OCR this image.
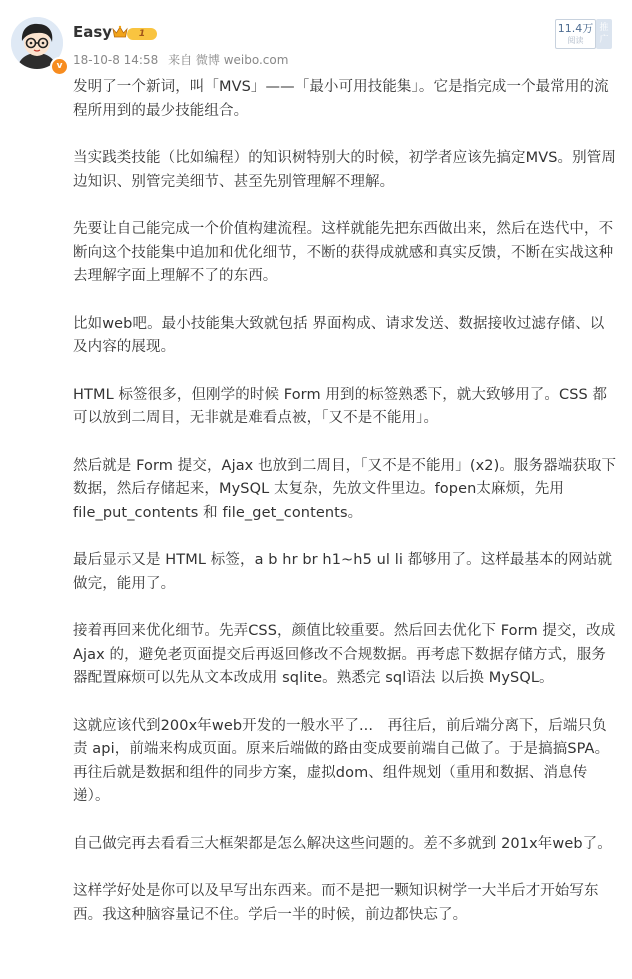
v
Easy	1
18-10-8 14:58 来自 微博 weibo.com
11.4万
阅读
推广

发明了一个新词，叫「MVS」——「最小可用技能集」。它是指完成一个最常用的流程所用到的最少技能组合。

当实践类技能（比如编程）的知识树特别大的时候，初学者应该先搞定MVS。别管周边知识、别管完美细节、甚至先别管理解不理解。

先要让自己能完成一个价值构建流程。这样就能先把东西做出来，然后在迭代中，不断向这个技能集中追加和优化细节，不断的获得成就感和真实反馈，不断在实战这种去理解字面上理解不了的东西。

比如web吧。最小技能集大致就包括 界面构成、请求发送、数据接收过滤存储、以及内容的展现。

HTML 标签很多，但刚学的时候 Form 用到的标签熟悉下，就大致够用了。CSS 都可以放到二周目，无非就是难看点被，「又不是不能用」。

然后就是 Form 提交，Ajax 也放到二周目，「又不是不能用」(x2)。服务器端获取下数据，然后存储起来，MySQL 太复杂，先放文件里边。fopen太麻烦，先用 file_put_contents 和 file_get_contents。

最后显示又是 HTML 标签，a b hr br h1~h5 ul li 都够用了。这样最基本的网站就做完，能用了。

接着再回来优化细节。先弄CSS，颜值比较重要。然后回去优化下 Form 提交，改成 Ajax 的，避免老页面提交后再返回修改不合规数据。再考虑下数据存储方式，服务器配置麻烦可以先从文本改成用 sqlite。熟悉完 sql语法 以后换 MySQL。

这就应该代到200x年web开发的一般水平了...　再往后，前后端分离下，后端只负责 api，前端来构成页面。原来后端做的路由变成要前端自己做了。于是搞搞SPA。再往后就是数据和组件的同步方案，虚拟dom、组件规划（重用和数据、消息传递）。

自己做完再去看看三大框架都是怎么解决这些问题的。差不多就到 201x年web了。

这样学好处是你可以及早写出东西来。而不是把一颗知识树学一大半后才开始写东西。我这种脑容量记不住。学后一半的时候，前边都快忘了。
